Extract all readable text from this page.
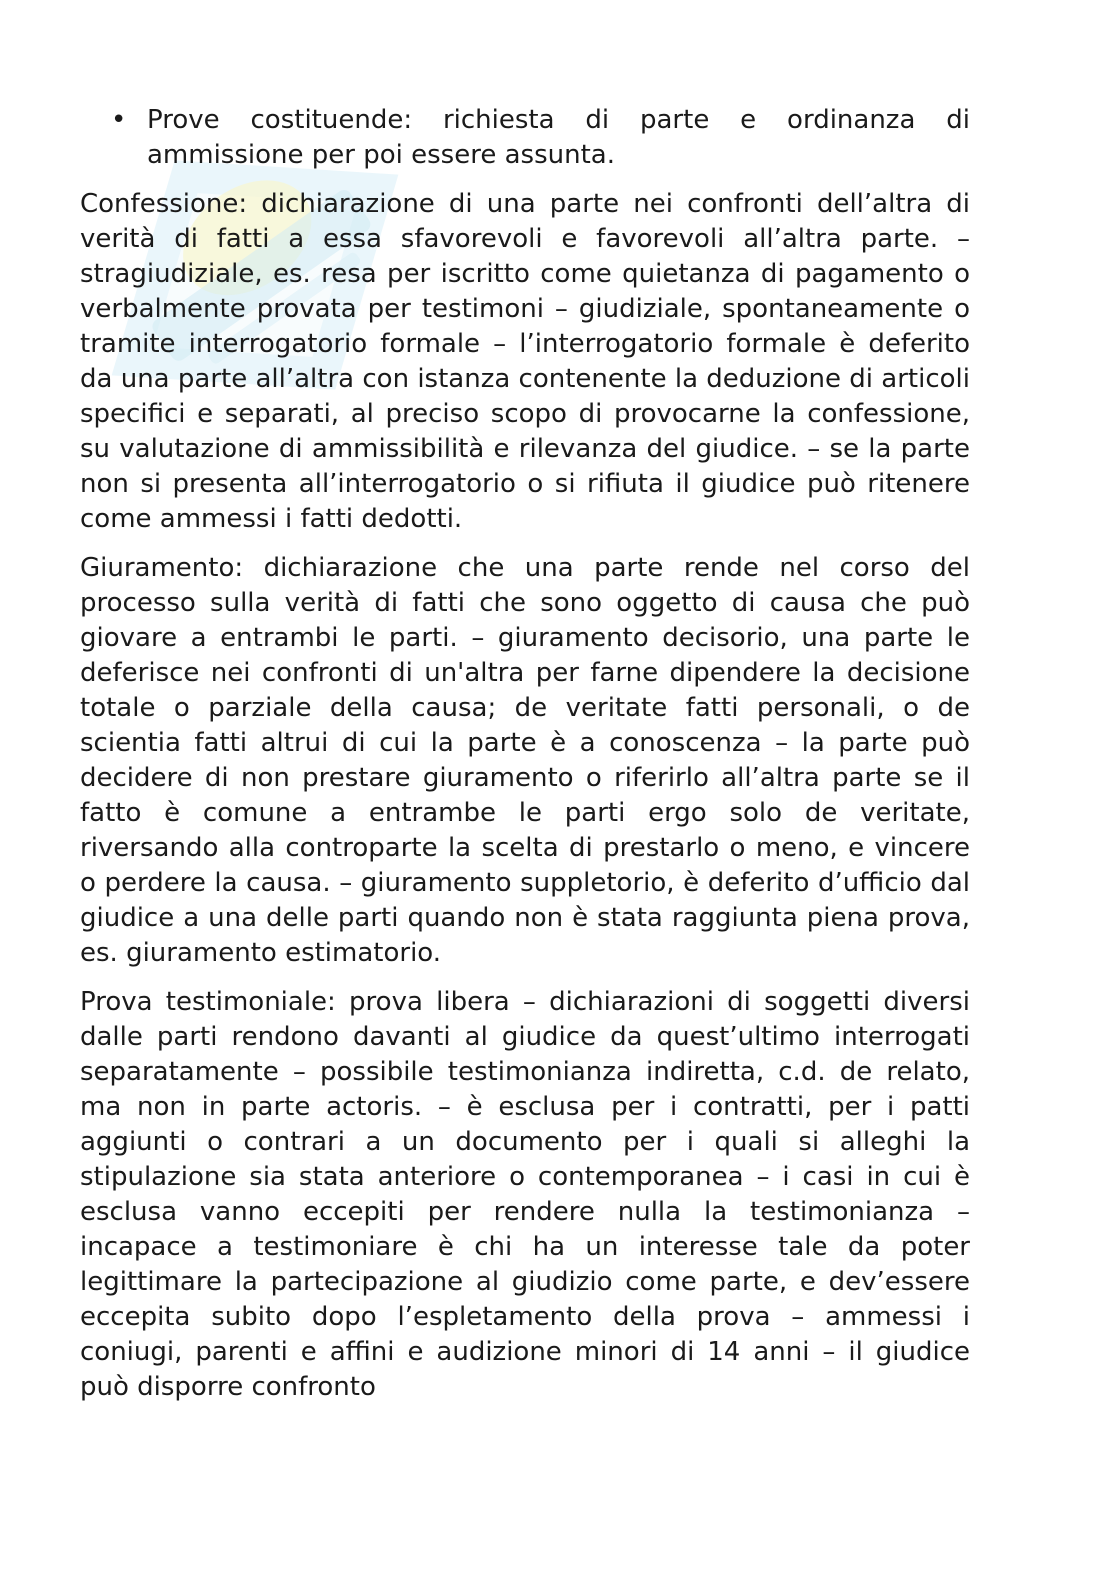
• Prove costituende: richiesta di parte e ordinanza di ammissione per poi essere assunta.

Confessione: dichiarazione di una parte nei confronti dell’altra di verità di fatti a essa sfavorevoli e favorevoli all’altra parte. – stragiudiziale, es. resa per iscritto come quietanza di pagamento o verbalmente provata per testimoni – giudiziale, spontaneamente o tramite interrogatorio formale – l’interrogatorio formale è deferito da una parte all’altra con istanza contenente la deduzione di articoli specifici e separati, al preciso scopo di provocarne la confessione, su valutazione di ammissibilità e rilevanza del giudice. – se la parte non si presenta all’interrogatorio o si rifiuta il giudice può ritenere come ammessi i fatti dedotti.

Giuramento: dichiarazione che una parte rende nel corso del processo sulla verità di fatti che sono oggetto di causa che può giovare a entrambi le parti. – giuramento decisorio, una parte le deferisce nei confronti di un'altra per farne dipendere la decisione totale o parziale della causa; de veritate fatti personali, o de scientia fatti altrui di cui la parte è a conoscenza – la parte può decidere di non prestare giuramento o riferirlo all’altra parte se il fatto è comune a entrambe le parti ergo solo de veritate, riversando alla controparte la scelta di prestarlo o meno, e vincere o perdere la causa. – giuramento suppletorio, è deferito d’ufficio dal giudice a una delle parti quando non è stata raggiunta piena prova, es. giuramento estimatorio.

Prova testimoniale: prova libera – dichiarazioni di soggetti diversi dalle parti rendono davanti al giudice da quest’ultimo interrogati separatamente – possibile testimonianza indiretta, c.d. de relato, ma non in parte actoris. – è esclusa per i contratti, per i patti aggiunti o contrari a un documento per i quali si alleghi la stipulazione sia stata anteriore o contemporanea – i casi in cui è esclusa vanno eccepiti per rendere nulla la testimonianza – incapace a testimoniare è chi ha un interesse tale da poter legittimare la partecipazione al giudizio come parte, e dev’essere eccepita subito dopo l’espletamento della prova – ammessi i coniugi, parenti e affini e audizione minori di 14 anni – il giudice può disporre confronto
